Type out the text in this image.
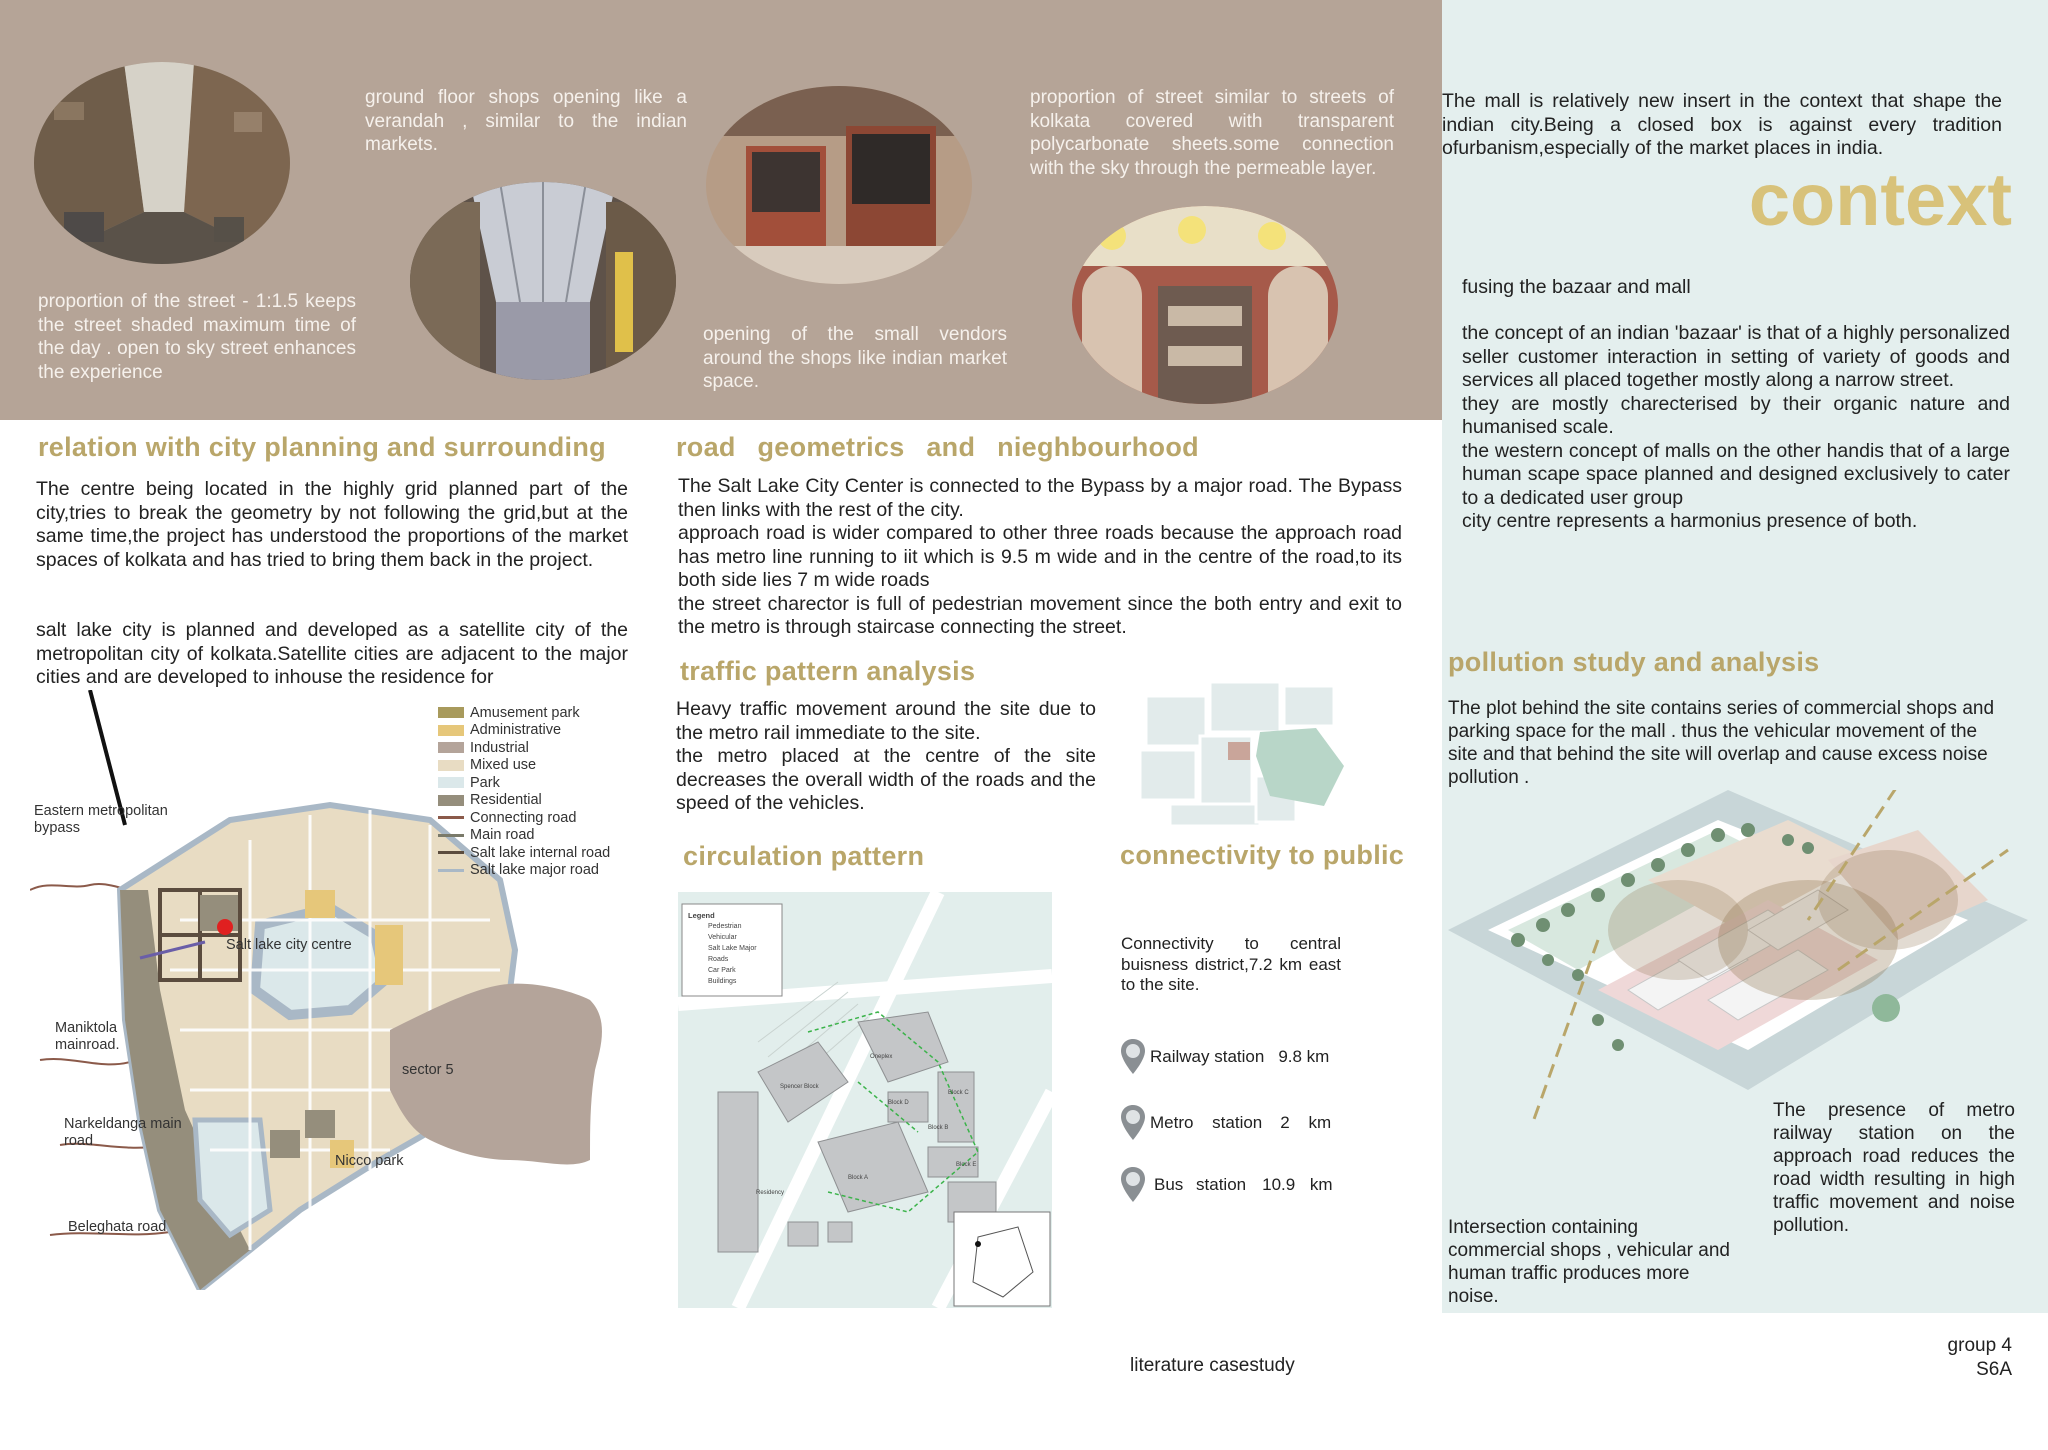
proportion of the street - 1:1.5 keeps the street shaded maximum time of the day . open to sky street enhances the experience
ground floor shops opening like a verandah , similar to the indian markets.
opening of the small vendors around the shops like indian market space.
proportion of street similar to streets of kolkata covered with transparent polycarbonate sheets.some connection with the sky through the permeable layer.
The mall is relatively new insert in the context that shape the indian city.Being a closed box is against every tradition ofurbanism,especially of the market places in india.
context
fusing the bazaar and mall
the concept of an indian 'bazaar' is that of a highly personalized seller customer interaction in setting of variety of goods and services all placed together mostly along a narrow street.
they are mostly charecterised by their organic nature and humanised scale.
the western concept of malls on the other handis that of a large human scape space planned and designed exclusively to cater to a dedicated user group
city centre represents a harmonius presence of both.
relation with city planning and surrounding
The centre being located in the highly grid planned part of the city,tries to break the geometry by not following the grid,but at the same time,the project has understood the proportions of the market spaces of kolkata and has tried to bring them back in the project.
salt lake city is planned and developed as a satellite city of the metropolitan city of kolkata.Satellite cities are adjacent to the major cities and are developed to inhouse the residence for
Amusement park
Administrative
Industrial
Mixed use
Park
Residential
Connecting road
Main road
Salt lake internal road
Salt lake major road
Eastern metropolitan bypass
Salt lake city centre
Maniktola mainroad.
sector 5
Narkeldanga main road
Nicco park
Beleghata road
road geometrics and nieghbourhood
The Salt Lake City Center is connected to the Bypass by a major road. The Bypass then links with the rest of the city.
approach road is wider compared to other three roads because the approach road has metro line running to iit which is 9.5 m wide and in the centre of the road,to its both side lies 7 m wide roads
the street charector is full of pedestrian movement since the both entry and exit to the metro is through staircase connecting the street.
traffic pattern analysis
Heavy traffic movement around the site due to the metro rail immediate to the site.
the metro placed at the centre of the site decreases the overall width of the roads and the speed of the vehicles.
circulation pattern
Legend
Pedestrian
Vehicular
Salt Lake Major Roads
Car Park
Buildings
Oneplex
Block D
Block C
Block B
Block A
Block E
Residency
Spencer Block
connectivity to public
Connectivity to central buisness district,7.2 km east to the site.
Railway station 9.8 km
Metro station 2 km
Bus station 10.9 km
pollution study and analysis
The plot behind the site contains series of commercial shops and parking space for the mall . thus the vehicular movement of the site and that behind the site will overlap and cause excess noise pollution .
The presence of metro railway station on the approach road reduces the road width resulting in high traffic movement and noise pollution.
Intersection containing commercial shops , vehicular and human traffic produces more noise.
literature casestudy
group 4
S6A
